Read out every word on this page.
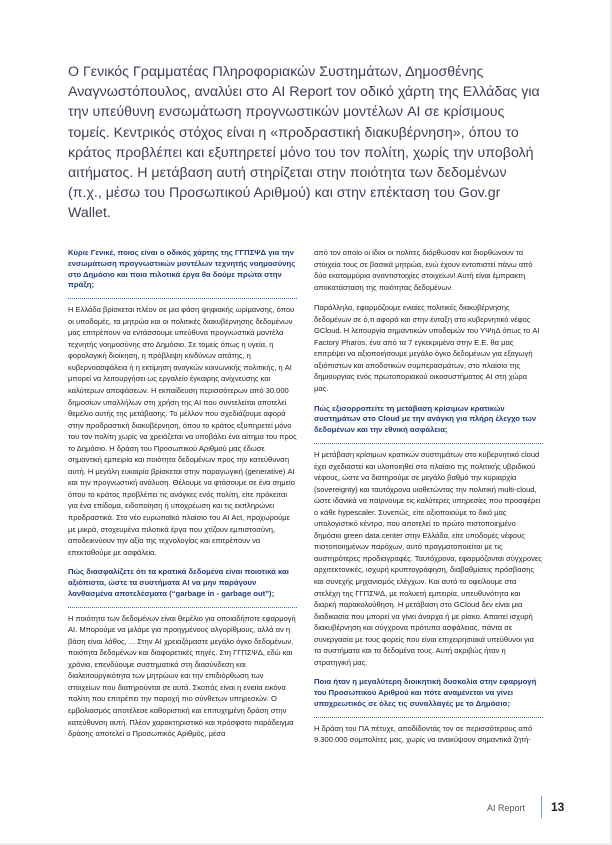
Ο Γενικός Γραμματέας Πληροφοριακών Συστημάτων, Δημοσθένης Αναγνωστόπουλος, αναλύει στο AI Report τον οδικό χάρτη της Ελλάδας για την υπεύθυνη ενσωμάτωση προγνωστικών μοντέλων AI σε κρίσιμους τομείς. Κεντρικός στόχος είναι η «προδραστική διακυβέρνηση», όπου το κράτος προβλέπει και εξυπηρετεί μόνο του τον πολίτη, χωρίς την υποβολή αιτήματος. Η μετάβαση αυτή στηρίζεται στην ποιότητα των δεδομένων (π.χ., μέσω του Προσωπικού Αριθμού) και στην επέκταση του Gov.gr Wallet.

Κύριε Γενικέ, ποιος είναι ο οδικός χάρτης της ΓΓΠΣΨΔ για την ενσωμάτωση προγνωστικών μοντέλων τεχνητής νοημοσύνης στο Δημόσιο και ποια πιλοτικά έργα θα δούμε πρώτα στην πράξη;

Η Ελλάδα βρίσκεται πλέον σε μια φάση ψηφιακής ωρίμανσης, όπου οι υποδομές, τα μητρώα και οι πολιτικές διακυβέρνησης δεδομένων μας επιτρέπουν να εντάσσουμε υπεύθυνα προγνωστικά μοντέλα τεχνητής νοημοσύνης στο Δημόσιο. Σε τομείς όπως η υγεία, η φορολογική διοίκηση, η πρόβλεψη κινδύνων απάτης, η κυβερνοασφάλεια ή η εκτίμηση αναγκών κοινωνικής πολιτικής, η AI μπορεί να λειτουργήσει ως εργαλείο έγκαιρης ανίχνευσης και καλύτερων αποφάσεων. Η εκπαίδευση περισσότερων από 30.000 δημοσίων υπαλλήλων στη χρήση της AI που συντελείται αποτελεί θεμέλιο αυτής της μετάβασης. Το μέλλον που σχεδιάζουμε αφορά στην προδραστική διακυβέρνηση, όπου το κράτος εξυπηρετεί μόνο του τον πολίτη χωρίς να χρειάζεται να υποβάλει ένα αίτημα του προς το Δημόσιο. Η δράση του Προσωπικού Αριθμού μας έδωσε σημαντική εμπειρία και ποιότητα δεδομένων προς την κατεύθυνση αυτή. Η μεγάλη ευκαιρία βρίσκεται στην παραγωγική (generative) AI και την προγνωστική ανάλυση. Θέλουμε να φτάσουμε σε ένα σημείο όπου το κράτος προβλέπει τις ανάγκες ενός πολίτη, είτε πρόκειται για ένα επίδομα, ειδοποίηση ή υποχρέωση και τις εκπληρώνει προδραστικά. Στο νέο ευρωπαϊκό πλαίσιο του AI Act, προχωρούμε με μικρά, στοχευμένα πιλοτικά έργα που χτίζουν εμπιστοσύνη, αποδεικνύουν την αξία της τεχνολογίας και επιτρέπουν να επεκταθούμε με ασφάλεια.

Πώς διασφαλίζετε ότι τα κρατικά δεδομένα είναι ποιοτικά και αξιόπιστα, ώστε τα συστήματα AI να μην παράγουν λανθασμένα αποτελέσματα (“garbage in - garbage out”);

Η ποιότητα των δεδομένων είναι θεμέλιο για οποιαδήποτε εφαρμογή AI. Μπορούμε να μιλάμε για προηγμένους αλγορίθμους, αλλά αν η βάση είναι λάθος, ... Στην AI χρειαζόμαστε μεγάλο όγκο δεδομένων, ποιότητα δεδομένων και διαφορετικές πηγές. Στη ΓΓΠΣΨΔ, εδώ και χρόνια, επενδύουμε συστηματικά στη διασύνδεση και διαλειτουργικότητα των μητρώων και την επιδιόρθωση των στοιχείων που διατηρούνται σε αυτά. Σκοπός είναι η ενιαία εικόνα πολίτη που επιτρέπει την παροχή πιο σύνθετων υπηρεσιών. Ο εμβολιασμός αποτέλεσε καθοριστική και επιτυχημένη δράση στην κατεύθυνση αυτή. Πλέον χαρακτηριστικό και πρόσφατο παράδειγμα δράσης αποτελεί ο Προσωπικός Αριθμός, μέσα

από τον οποίο οι ίδιοι οι πολίτες διόρθωσαν και διορθώνουν τα στοιχεία τους σε βασικά μητρώα, ενώ έχουν εντοπιστεί πάνω από δύο εκατομμύρια αναντιστοιχίες στοιχείων! Αυτή είναι έμπρακτη αποκατάσταση της ποιότητας δεδομένων.

Παράλληλα, εφαρμόζουμε ενιαίες πολιτικές διακυβέρνησης δεδομένων σε ό,τι αφορά και στην ένταξη στο κυβερνητικό νέφος GCloud. Η λειτουργία σημαντικών υποδομών του ΥΨηΔ όπως το AI Factory Pharos, ένα από τα 7 εγκεκριμένα στην Ε.Ε. θα μας επιτρέψει να αξιοποιήσουμε μεγάλο όγκο δεδομένων για εξαγωγή αξιόπιστων και αποδοτικών συμπερασμάτων, στο πλαίσιο της δημιουργίας ενός πρωτοποριακού οικοσυστήματος AI στη χώρα μας.

Πώς εξισορροπείτε τη μετάβαση κρίσιμων κρατικών συστημάτων στο Cloud με την ανάγκη για πλήρη έλεγχο των δεδομένων και την εθνική ασφάλεια;

Η μετάβαση κρίσιμων κρατικών συστημάτων στο κυβερνητικό cloud έχει σχεδιαστεί και υλοποιηθεί στο πλαίσιο της πολιτικής υβριδικού νέφους, ώστε να διατηρούμε σε μεγάλο βαθμό την κυριαρχία (sovereignty) και ταυτόχρονα υιοθετώντας την πολιτική multi-cloud, ώστε ιδανικά να παίρνουμε τις καλύτερες υπηρεσίες που προσφέρει ο κάθε hypescaler. Συνεπώς, είτε αξιοποιούμε το δικό μας υπολογιστικό κέντρο, που αποτελεί το πρώτο πιστοποιημένο δημόσιο green data center στην Ελλάδα, είτε υποδομές νέφους πιστοποιημένων παρόχων, αυτό πραγματοποιείται με τις αυστηρότερες προδιαγραφές. Ταυτόχρονα, εφαρμόζονται σύγχρονες αρχιτεκτονικές, ισχυρή κρυπτογράφηση, διαβαθμίσεις πρόσβασης και συνεχής μηχανισμός ελέγχων. Και αυτό το οφείλουμε στα στελέχη της ΓΓΠΣΨΔ, με πολυετή εμπειρία, υπευθυνότητα και διαρκή παρακολούθηση. Η μετάβαση στο GCloud δεν είναι μια διαδικασία που μπορεί να γίνει άναρχα ή με ρίσκο. Απαιτεί ισχυρή διακυβέρνηση και σύγχρονα πρότυπα ασφάλειας, πάντα σε συνεργασία με τους φορείς που είναι επιχειρησιακά υπεύθυνοι για τα συστήματα και τα δεδομένα τους. Αυτή ακριβώς ήταν η στρατηγική μας.

Ποια ήταν η μεγαλύτερη διοικητική δυσκολία στην εφαρμογή του Προσωπικού Αριθμού και πότε αναμένεται να γίνει υποχρεωτικός σε όλες τις συναλλαγές με το Δημόσιο;

Η δράση του ΠΑ πέτυχε, αποδίδοντάς τον σε περισσότερους από 9.300.000 συμπολίτες μας, χωρίς να ανακύψουν σημαντικά ζητή-

AI Report 13
